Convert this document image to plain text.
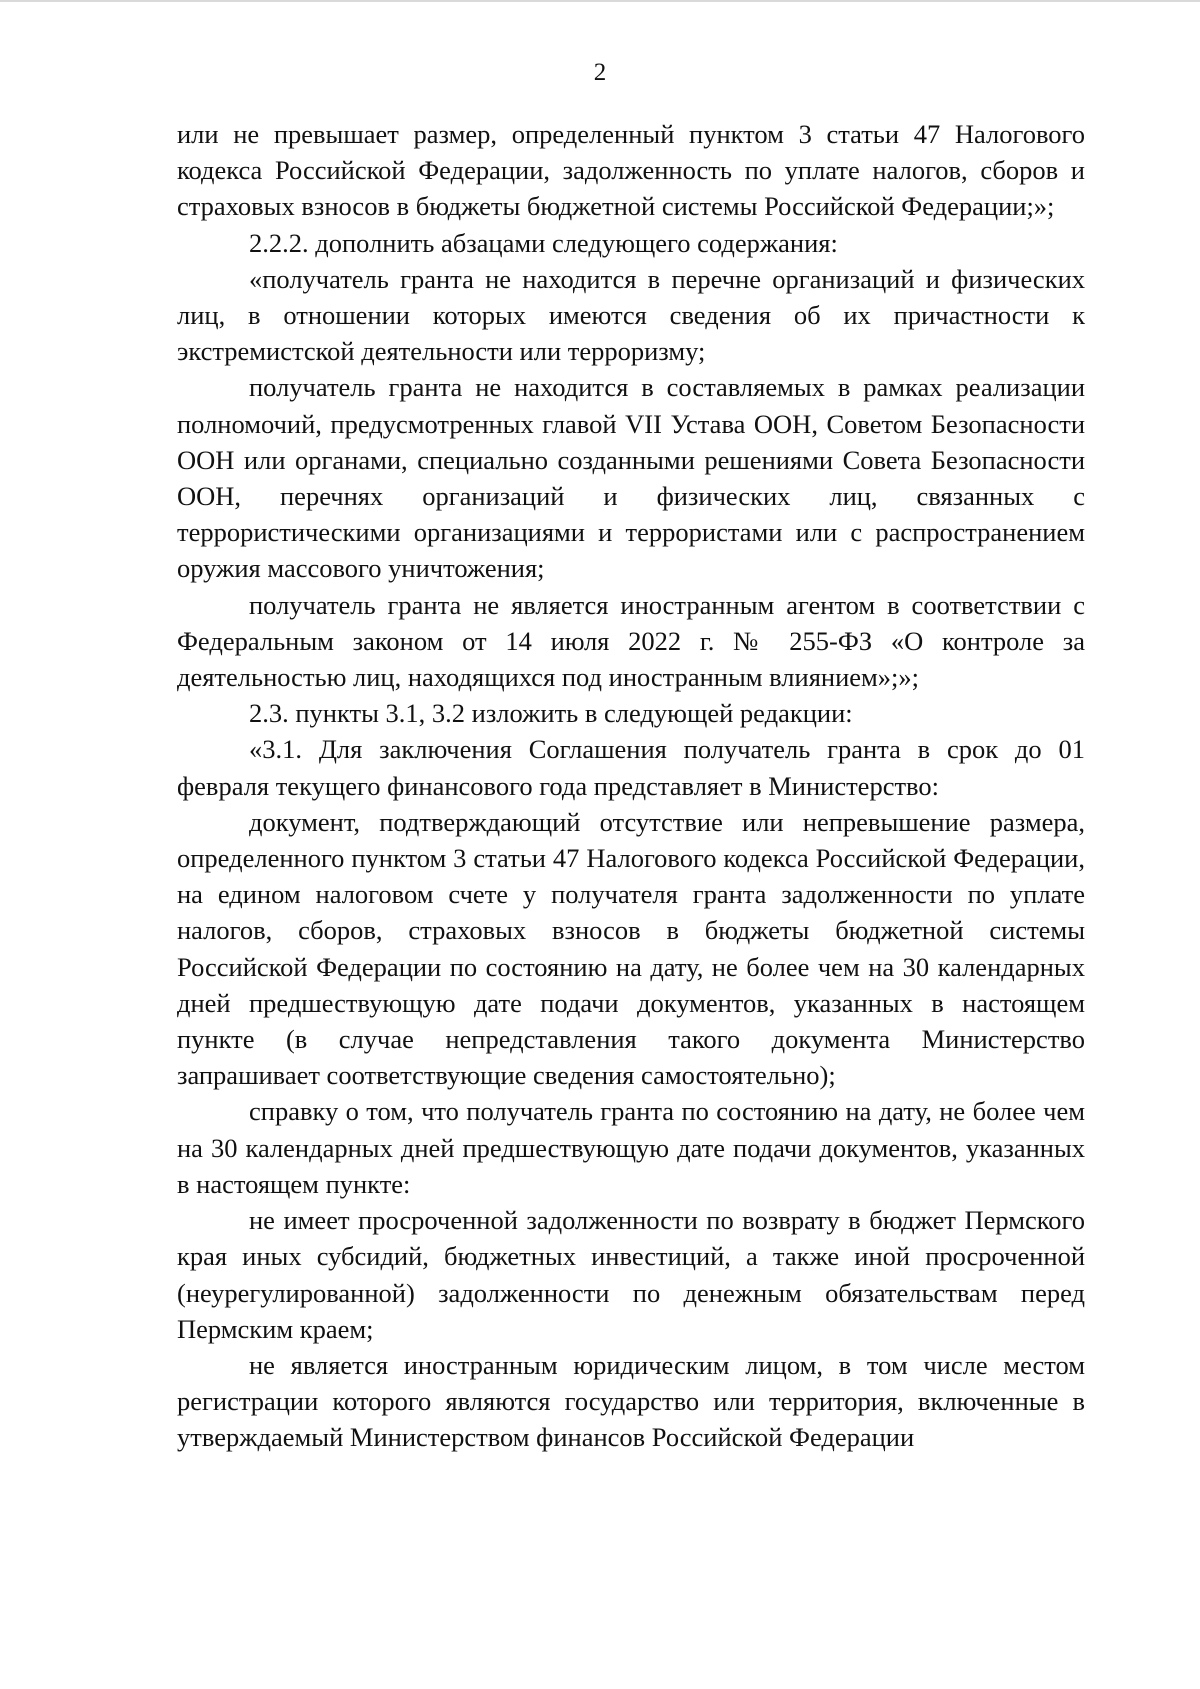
2

или не превышает размер, определенный пунктом 3 статьи 47 Налогового кодекса Российской Федерации, задолженность по уплате налогов, сборов и страховых взносов в бюджеты бюджетной системы Российской Федерации;»;

2.2.2. дополнить абзацами следующего содержания:

«получатель гранта не находится в перечне организаций и физических лиц, в отношении которых имеются сведения об их причастности к экстремистской деятельности или терроризму;

получатель гранта не находится в составляемых в рамках реализации полномочий, предусмотренных главой VII Устава ООН, Советом Безопасности ООН или органами, специально созданными решениями Совета Безопасности ООН, перечнях организаций и физических лиц, связанных с террористическими организациями и террористами или с распространением оружия массового уничтожения;

получатель гранта не является иностранным агентом в соответствии с Федеральным законом от 14 июля 2022 г. № 255-ФЗ «О контроле за деятельностью лиц, находящихся под иностранным влиянием»;»;

2.3. пункты 3.1, 3.2 изложить в следующей редакции:

«3.1. Для заключения Соглашения получатель гранта в срок до 01 февраля текущего финансового года представляет в Министерство:

документ, подтверждающий отсутствие или непревышение размера, определенного пунктом 3 статьи 47 Налогового кодекса Российской Федерации, на едином налоговом счете у получателя гранта задолженности по уплате налогов, сборов, страховых взносов в бюджеты бюджетной системы Российской Федерации по состоянию на дату, не более чем на 30 календарных дней предшествующую дате подачи документов, указанных в настоящем пункте (в случае непредставления такого документа Министерство запрашивает соответствующие сведения самостоятельно);

справку о том, что получатель гранта по состоянию на дату, не более чем на 30 календарных дней предшествующую дате подачи документов, указанных в настоящем пункте:

не имеет просроченной задолженности по возврату в бюджет Пермского края иных субсидий, бюджетных инвестиций, а также иной просроченной (неурегулированной) задолженности по денежным обязательствам перед Пермским краем;

не является иностранным юридическим лицом, в том числе местом регистрации которого являются государство или территория, включенные в утверждаемый Министерством финансов Российской Федерации
